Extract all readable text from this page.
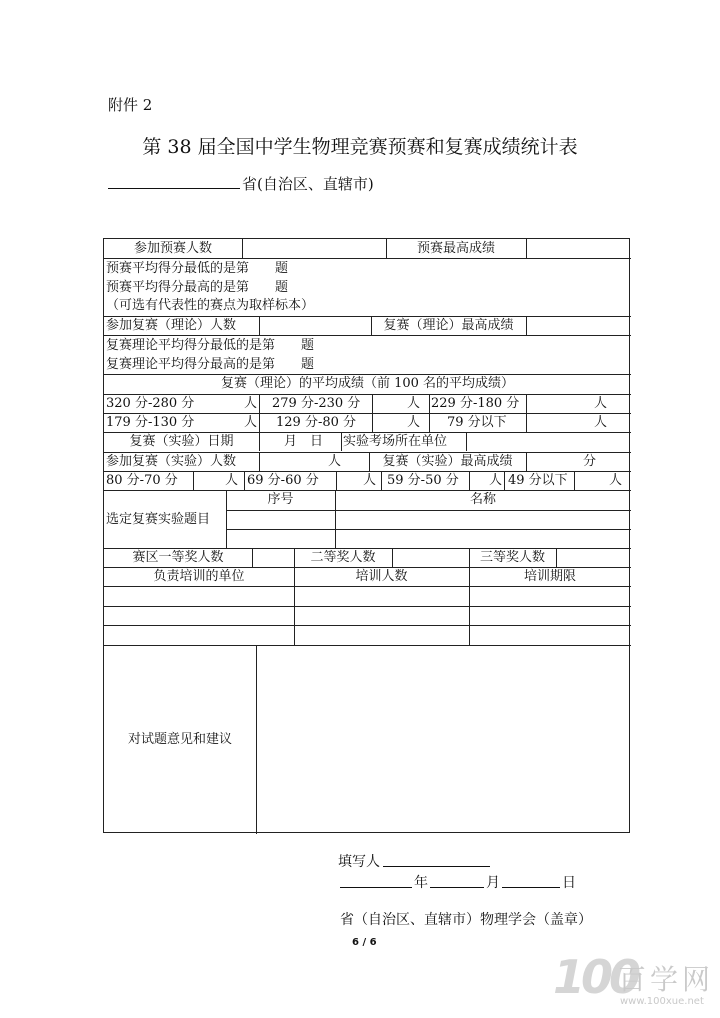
附件 2
第 38 届全国中学生物理竞赛预赛和复赛成绩统计表
省(自治区、直辖市)
参加预赛人数	预赛最高成绩
预赛平均得分最低的是第　　题
预赛平均得分最高的是第　　题
（可选有代表性的赛点为取样标本）
参加复赛（理论）人数	复赛（理论）最高成绩
复赛理论平均得分最低的是第　　题
复赛理论平均得分最高的是第　　题
复赛（理论）的平均成绩（前 100 名的平均成绩）
320 分-280 分	人 279 分-230 分	人 229 分-180 分	人
179 分-130 分	人 129 分-80 分	人 79 分以下	人
复赛（实验）日期	月　日 实验考场所在单位
参加复赛（实验）人数	人	复赛（实验）最高成绩	分
80 分-70 分	人 69 分-60 分	人 59 分-50 分 人 49 分以下	人
序号	名称
选定复赛实验题目
赛区一等奖人数	二等奖人数	三等奖人数
负责培训的单位	培训人数	培训期限
对试题意见和建议
填写人
年	月	日
省（自治区、直辖市）物理学会（盖章）
6 / 6
100
百学网
www.100xue.net
